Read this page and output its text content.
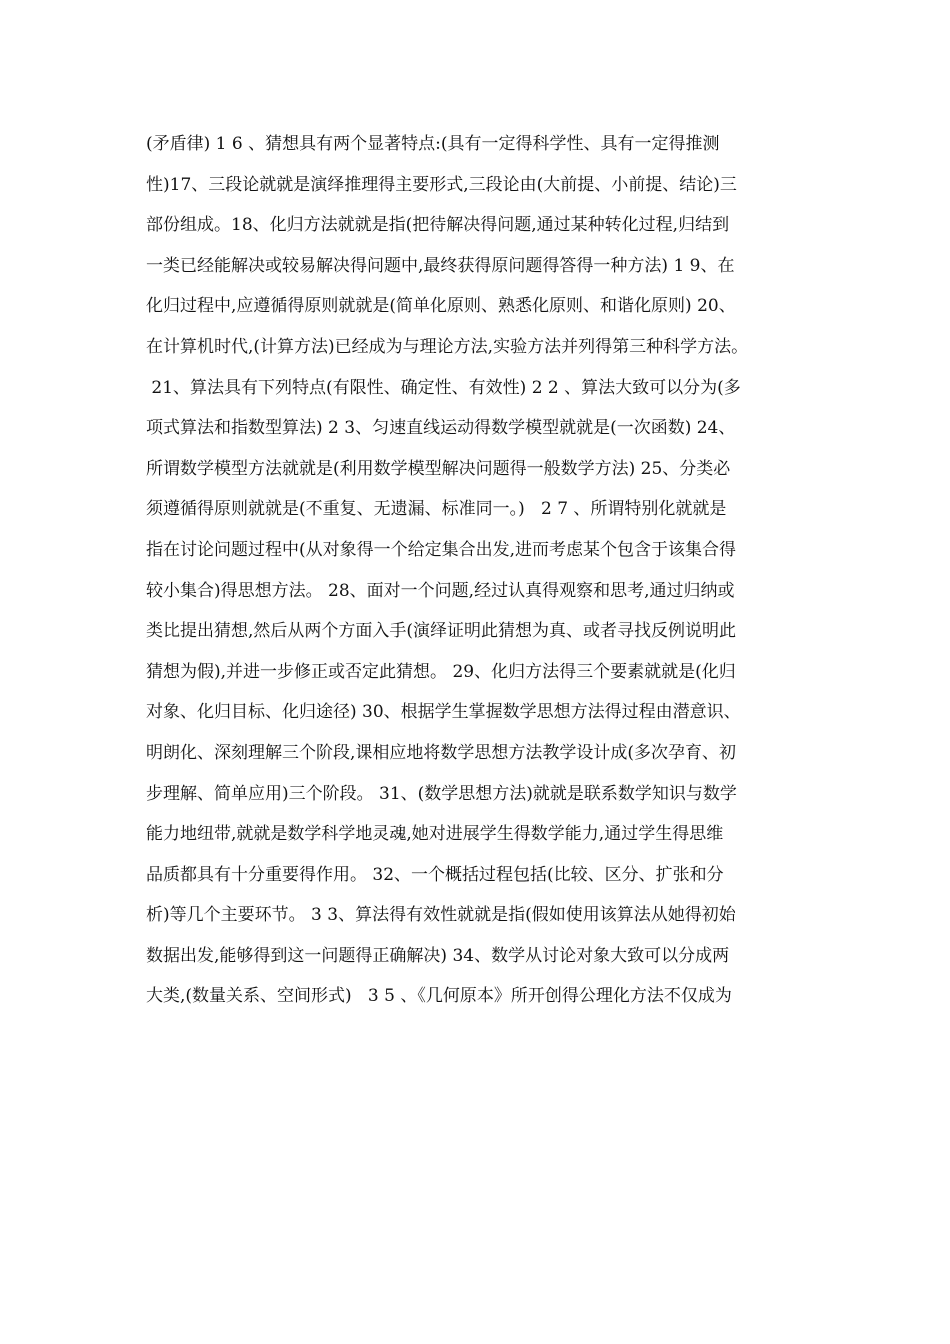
(矛盾律) 1 6 、猜想具有两个显著特点:(具有一定得科学性、具有一定得推测
性)17、三段论就就是演绎推理得主要形式,三段论由(大前提、小前提、结论)三
部份组成。18、化归方法就就是指(把待解决得问题,通过某种转化过程,归结到
一类已经能解决或较易解决得问题中,最终获得原问题得答得一种方法) 1 9、在
化归过程中,应遵循得原则就就是(简单化原则、熟悉化原则、和谐化原则) 20、
在计算机时代,(计算方法)已经成为与理论方法,实验方法并列得第三种科学方法。
21、算法具有下列特点(有限性、确定性、有效性) 2 2 、算法大致可以分为(多
项式算法和指数型算法) 2 3、匀速直线运动得数学模型就就是(一次函数) 24、
所谓数学模型方法就就是(利用数学模型解决问题得一般数学方法) 25、分类必
须遵循得原则就就是(不重复、无遗漏、标准同一。)   2 7 、所谓特别化就就是
指在讨论问题过程中(从对象得一个给定集合出发,进而考虑某个包含于该集合得
较小集合)得思想方法。 28、面对一个问题,经过认真得观察和思考,通过归纳或
类比提出猜想,然后从两个方面入手(演绎证明此猜想为真、或者寻找反例说明此
猜想为假),并进一步修正或否定此猜想。 29、化归方法得三个要素就就是(化归
对象、化归目标、化归途径) 30、根据学生掌握数学思想方法得过程由潜意识、
明朗化、深刻理解三个阶段,课相应地将数学思想方法教学设计成(多次孕育、初
步理解、简单应用)三个阶段。 31、(数学思想方法)就就是联系数学知识与数学
能力地纽带,就就是数学科学地灵魂,她对进展学生得数学能力,通过学生得思维
品质都具有十分重要得作用。 32、一个概括过程包括(比较、区分、扩张和分
析)等几个主要环节。 3 3、算法得有效性就就是指(假如使用该算法从她得初始
数据出发,能够得到这一问题得正确解决) 34、数学从讨论对象大致可以分成两
大类,(数量关系、空间形式)   3 5 、《几何原本》所开创得公理化方法不仅成为
